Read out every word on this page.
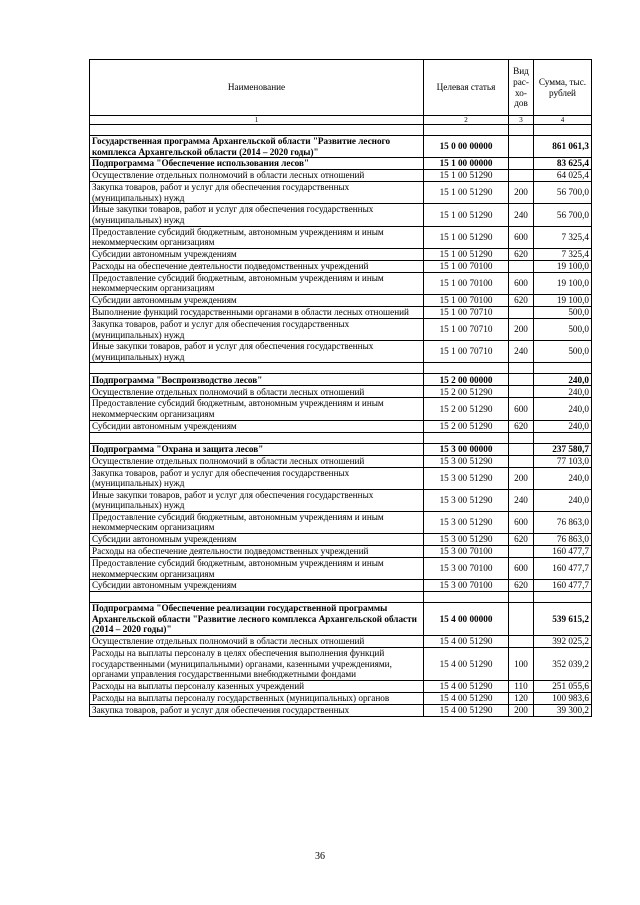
Наименование	Целевая статья	Вид рас-хо-дов	Сумма, тыс. рублей
1	2	3	4

Государственная программа Архангельской области "Развитие лесного комплекса Архангельской области (2014 – 2020 годы)"	15 0 00 00000		861 061,3
Подпрограмма "Обеспечение использования лесов"	15 1 00 00000		83 625,4
Осуществление отдельных полномочий в области лесных отношений	15 1 00 51290		64 025,4
Закупка товаров, работ и услуг для обеспечения государственных (муниципальных) нужд	15 1 00 51290	200	56 700,0
Иные закупки товаров, работ и услуг для обеспечения государственных (муниципальных) нужд	15 1 00 51290	240	56 700,0
Предоставление субсидий бюджетным, автономным учреждениям и иным некоммерческим организациям	15 1 00 51290	600	7 325,4
Субсидии автономным учреждениям	15 1 00 51290	620	7 325,4
Расходы на обеспечение деятельности подведомственных учреждений	15 1 00 70100		19 100,0
Предоставление субсидий бюджетным, автономным учреждениям и иным некоммерческим организациям	15 1 00 70100	600	19 100,0
Субсидии автономным учреждениям	15 1 00 70100	620	19 100,0
Выполнение функций государственными органами в области лесных отношений	15 1 00 70710		500,0
Закупка товаров, работ и услуг для обеспечения государственных (муниципальных) нужд	15 1 00 70710	200	500,0
Иные закупки товаров, работ и услуг для обеспечения государственных (муниципальных) нужд	15 1 00 70710	240	500,0

Подпрограмма "Воспроизводство лесов"	15 2 00 00000		240,0
Осуществление отдельных полномочий в области лесных отношений	15 2 00 51290		240,0
Предоставление субсидий бюджетным, автономным учреждениям и иным некоммерческим организациям	15 2 00 51290	600	240,0
Субсидии автономным учреждениям	15 2 00 51290	620	240,0

Подпрограмма "Охрана и защита лесов"	15 3 00 00000		237 580,7
Осуществление отдельных полномочий в области лесных отношений	15 3 00 51290		77 103,0
Закупка товаров, работ и услуг для обеспечения государственных (муниципальных) нужд	15 3 00 51290	200	240,0
Иные закупки товаров, работ и услуг для обеспечения государственных (муниципальных) нужд	15 3 00 51290	240	240,0
Предоставление субсидий бюджетным, автономным учреждениям и иным некоммерческим организациям	15 3 00 51290	600	76 863,0
Субсидии автономным учреждениям	15 3 00 51290	620	76 863,0
Расходы на обеспечение деятельности подведомственных учреждений	15 3 00 70100		160 477,7
Предоставление субсидий бюджетным, автономным учреждениям и иным некоммерческим организациям	15 3 00 70100	600	160 477,7
Субсидии автономным учреждениям	15 3 00 70100	620	160 477,7

Подпрограмма "Обеспечение реализации государственной программы Архангельской области "Развитие лесного комплекса Архангельской области (2014 – 2020 годы)"	15 4 00 00000		539 615,2
Осуществление отдельных полномочий в области лесных отношений	15 4 00 51290		392 025,2
Расходы на выплаты персоналу в целях обеспечения выполнения функций государственными (муниципальными) органами, казенными учреждениями, органами управления государственными внебюджетными фондами	15 4 00 51290	100	352 039,2
Расходы на выплаты персоналу казенных учреждений	15 4 00 51290	110	251 055,6
Расходы на выплаты персоналу государственных (муниципальных) органов	15 4 00 51290	120	100 983,6
Закупка товаров, работ и услуг для обеспечения государственных	15 4 00 51290	200	39 300,2
36
